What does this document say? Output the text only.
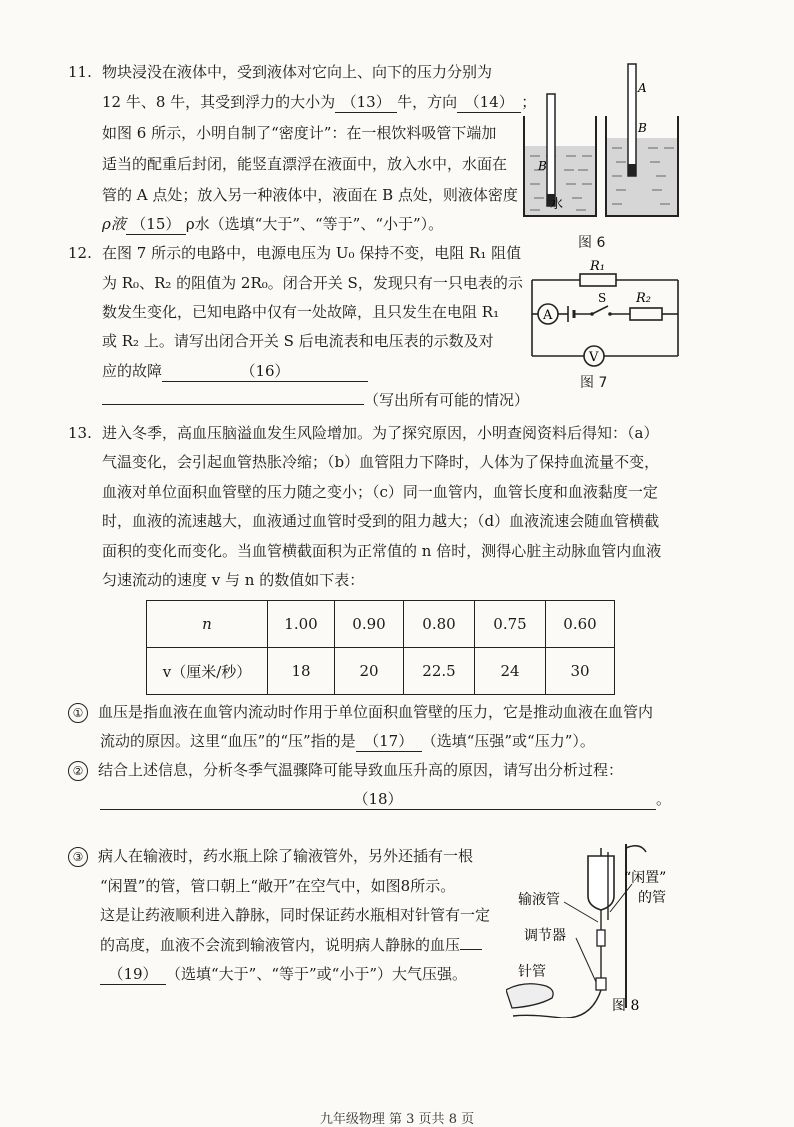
11. 物块浸没在液体中，受到液体对它向上、向下的压力分别为
12 牛、8 牛，其受到浮力的大小为 （13） 牛，方向 （14） ；
如图 6 所示，小明自制了“密度计”：在一根饮料吸管下端加
适当的配重后封闭，能竖直漂浮在液面中，放入水中，水面在
管的 A 点处；放入另一种液体中，液面在 B 点处，则液体密度
ρ液 （15） ρ水（选填“大于”、“等于”、“小于”）。
B
水
A
B
图 6
12. 在图 7 所示的电路中，电源电压为 U₀ 保持不变，电阻 R₁ 阻值
为 R₀、R₂ 的阻值为 2R₀。闭合开关 S，发现只有一只电表的示
数发生变化，已知电路中仅有一处故障，且只发生在电阻 R₁
或 R₂ 上。请写出闭合开关 S 后电流表和电压表的示数及对
应的故障	（16）
（写出所有可能的情况）
A
V
R₁
R₂
S
图 7
13. 进入冬季，高血压脑溢血发生风险增加。为了探究原因，小明查阅资料后得知：（a）
气温变化，会引起血管热胀冷缩；（b）血管阻力下降时，人体为了保持血流量不变，
血液对单位面积血管壁的压力随之变小；（c）同一血管内，血管长度和血液黏度一定
时，血液的流速越大，血液通过血管时受到的阻力越大；（d）血液流速会随血管横截
面积的变化而变化。当血管横截面积为正常值的 n 倍时，测得心脏主动脉血管内血液
匀速流动的速度 v 与 n 的数值如下表：
n	1.00	0.90	0.80	0.75	0.60
v（厘米/秒）	18	20	22.5	24	30
① 血压是指血液在血管内流动时作用于单位面积血管壁的压力，它是推动血液在血管内
流动的原因。这里“血压”的“压”指的是 （17） （选填“压强”或“压力”）。
② 结合上述信息，分析冬季气温骤降可能导致血压升高的原因，请写出分析过程：
（18）	。
③ 病人在输液时，药水瓶上除了输液管外，另外还插有一根
“闲置”的管，管口朝上“敞开”在空气中，如图8所示。
这是让药液顺利进入静脉，同时保证药水瓶相对针管有一定
的高度，血液不会流到输液管内，说明病人静脉的血压
（19） （选填“大于”、“等于”或“小于”）大气压强。
输液管
调节器
针管
“闲置”
的管
图 8
九年级物理 第 3 页共 8 页
